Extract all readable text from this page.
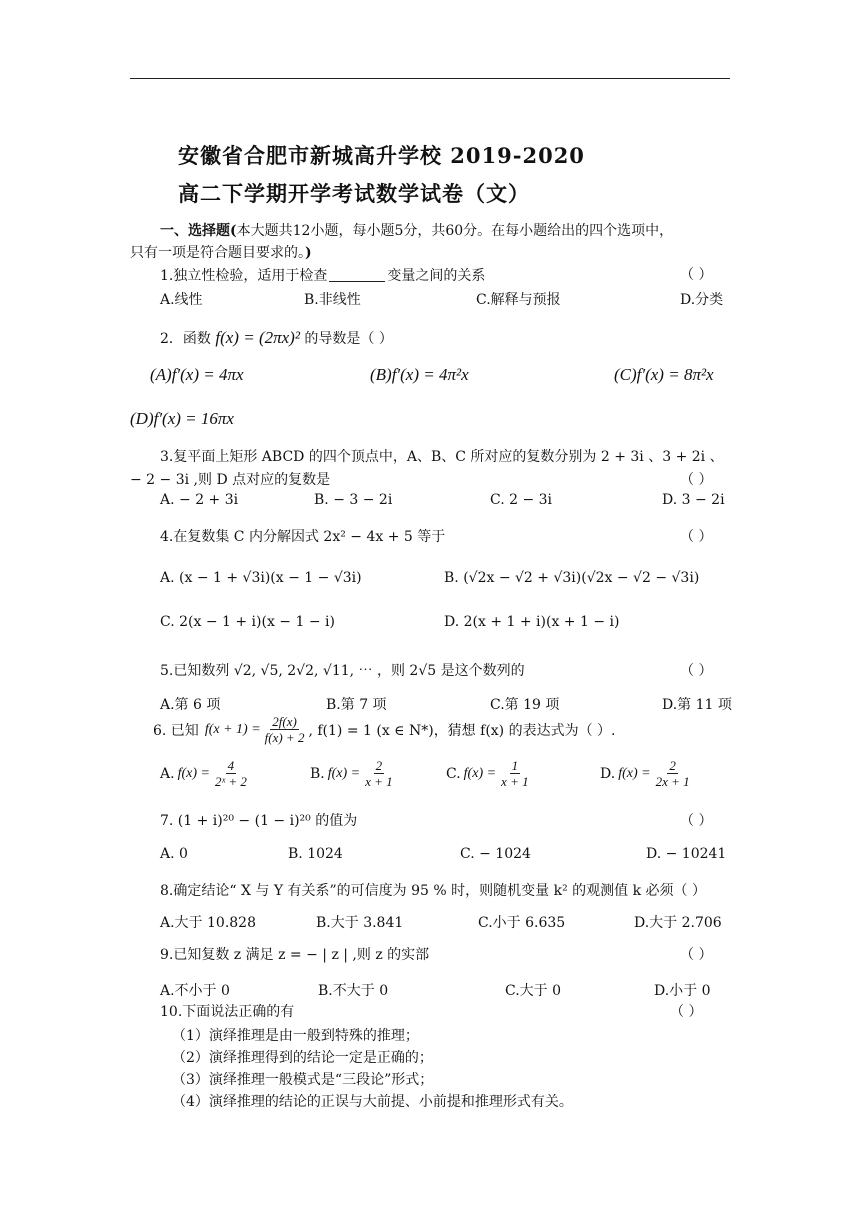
安徽省合肥市新城高升学校 2019-2020
高二下学期开学考试数学试卷（文）
一、选择题(本大题共12小题，每小题5分，共60分。在每小题给出的四个选项中，
只有一项是符合题目要求的。)
1.独立性检验，适用于检查	变量之间的关系	（ ）
A.线性	B.非线性	C.解释与预报	D.分类
2．函数 f(x) = (2πx)² 的导数是（ ）
(A)f′(x) = 4πx	(B)f′(x) = 4π²x	(C)f′(x) = 8π²x
(D)f′(x) = 16πx
3.复平面上矩形 ABCD 的四个顶点中，A、B、C 所对应的复数分别为 2 + 3i 、3 + 2i 、
− 2 − 3i ,则 D 点对应的复数是	（ ）
A. − 2 + 3i	B. − 3 − 2i	C. 2 − 3i	D. 3 − 2i
4.在复数集 C 内分解因式 2x² − 4x + 5 等于	（ ）
A. (x − 1 + √3i)(x − 1 − √3i)	B. (√2x − √2 + √3i)(√2x − √2 − √3i)
C. 2(x − 1 + i)(x − 1 − i)	D. 2(x + 1 + i)(x + 1 − i)
5.已知数列 √2, √5, 2√2, √11, ⋯ ，则 2√5 是这个数列的	（ ）
A.第 6 项	B.第 7 项	C.第 19 项	D.第 11 项
6. 已知 $f(x + 1) = \frac{2f(x)}{f(x) + 2}$ , f(1) = 1 (x ∈ N*)，猜想 f(x) 的表达式为（ ）.
A. $f(x) = \frac{4}{\text{2ˣ + 2}}$	B. $f(x) = \frac{2}{x + 1}$	C. $f(x) = \frac{1}{x + 1}$	D. $f(x) = \frac{2}{2x + 1}$
7. (1 + i)²⁰ − (1 − i)²⁰ 的值为	（ ）
A. 0	B. 1024	C. − 1024	D. − 10241
8.确定结论“ X 与 Y 有关系”的可信度为 95 % 时，则随机变量 k² 的观测值 k 必须（ ）
A.大于 10.828	B.大于 3.841	C.小于 6.635	D.大于 2.706
9.已知复数 z 满足 z = − | z | ,则 z 的实部	（ ）
A.不小于 0	B.不大于 0	C.大于 0	D.小于 0
10.下面说法正确的有	（ ）
（1）演绎推理是由一般到特殊的推理；
（2）演绎推理得到的结论一定是正确的；
（3）演绎推理一般模式是“三段论”形式；
（4）演绎推理的结论的正误与大前提、小前提和推理形式有关。
